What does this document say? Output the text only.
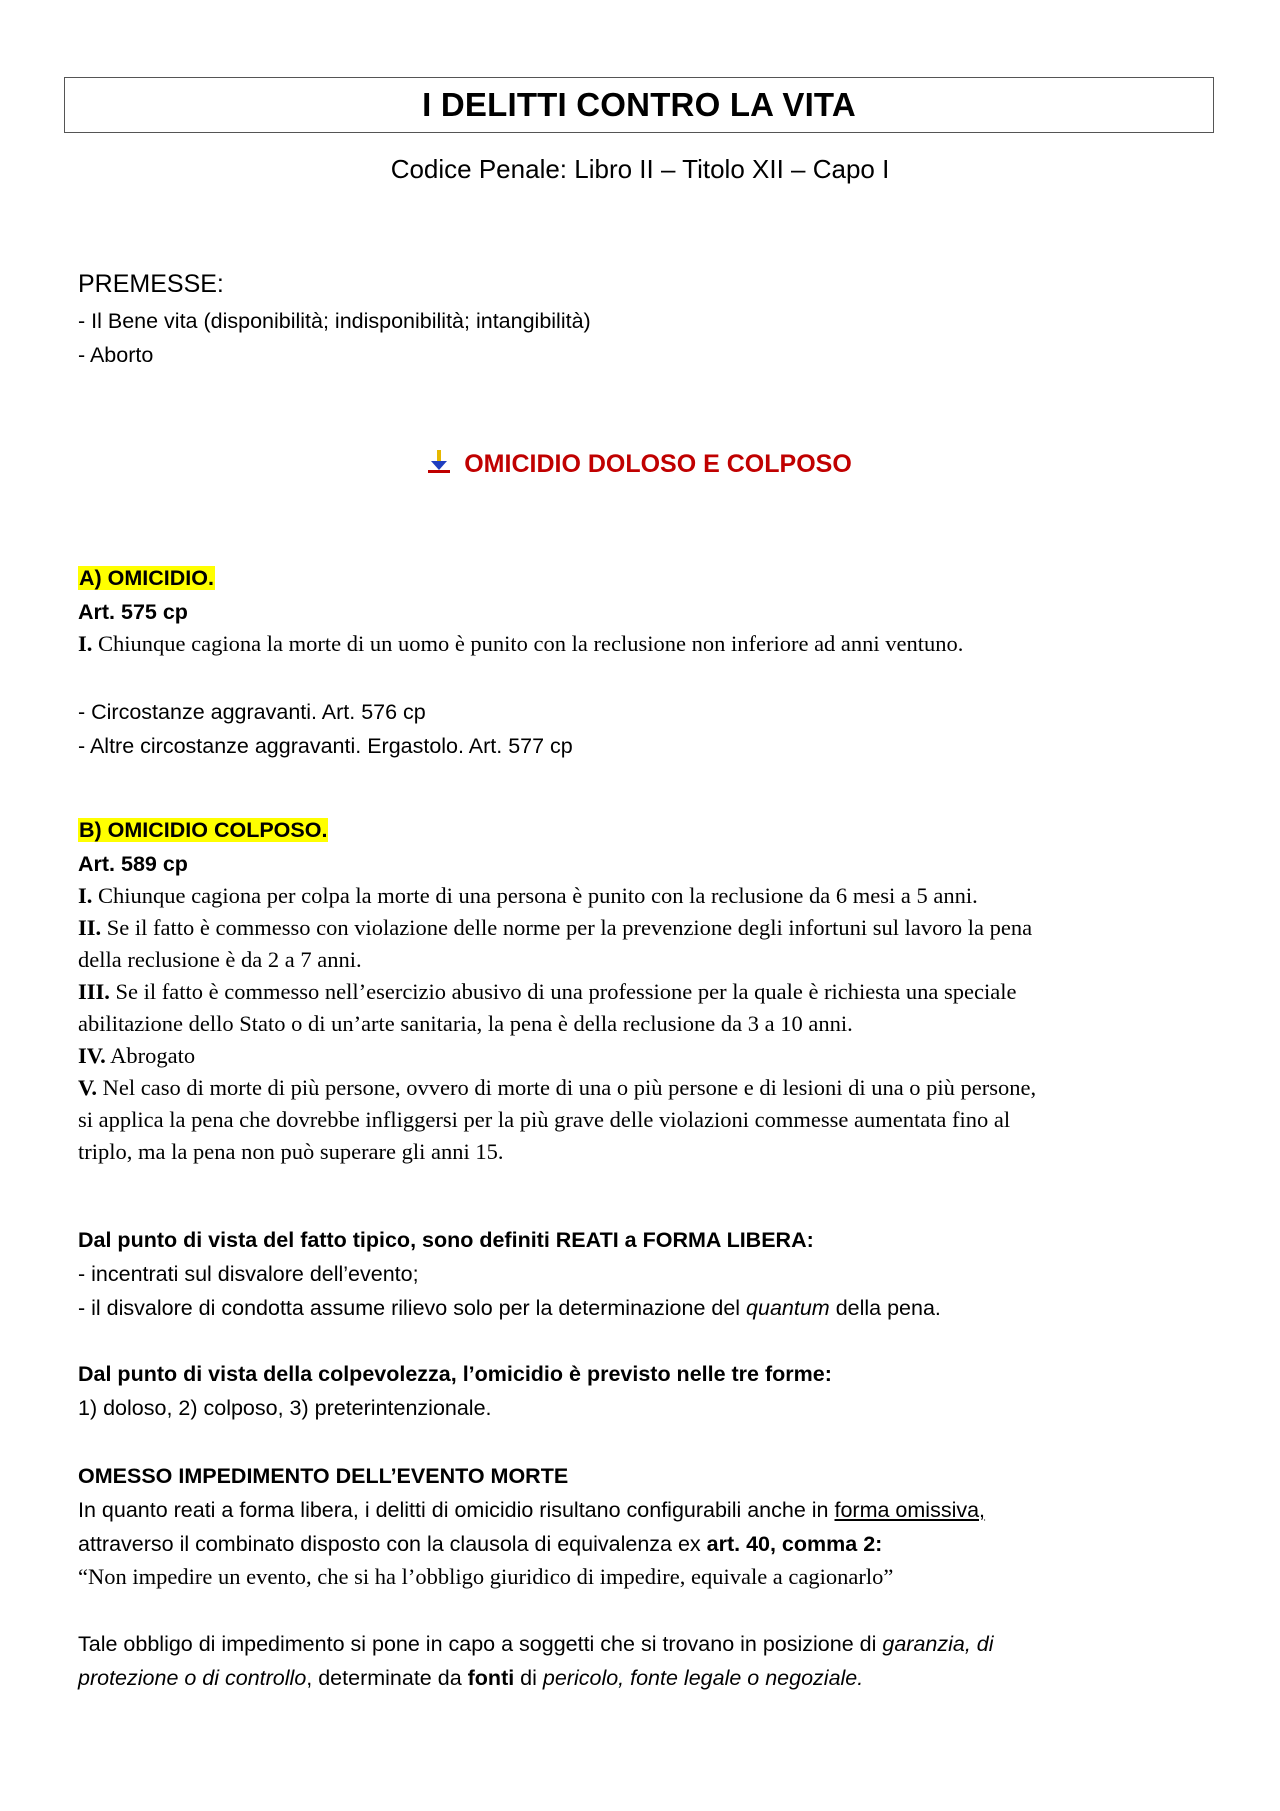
I DELITTI CONTRO LA VITA
Codice Penale: Libro II – Titolo XII – Capo I
PREMESSE:
- Il Bene vita (disponibilità; indisponibilità; intangibilità)
- Aborto
OMICIDIO DOLOSO E COLPOSO
A) OMICIDIO.
Art. 575 cp
I. Chiunque cagiona la morte di un uomo è punito con la reclusione non inferiore ad anni ventuno.
- Circostanze aggravanti. Art. 576 cp
- Altre circostanze aggravanti. Ergastolo. Art. 577 cp
B) OMICIDIO COLPOSO.
Art. 589 cp
I. Chiunque cagiona per colpa la morte di una persona è punito con la reclusione da 6 mesi a 5 anni.
II. Se il fatto è commesso con violazione delle norme per la prevenzione degli infortuni sul lavoro la pena
della reclusione è da 2 a 7 anni.
III. Se il fatto è commesso nell’esercizio abusivo di una professione per la quale è richiesta una speciale
abilitazione dello Stato o di un’arte sanitaria, la pena è della reclusione da 3 a 10 anni.
IV. Abrogato
V. Nel caso di morte di più persone, ovvero di morte di una o più persone e di lesioni di una o più persone,
si applica la pena che dovrebbe infliggersi per la più grave delle violazioni commesse aumentata fino al
triplo, ma la pena non può superare gli anni 15.
Dal punto di vista del fatto tipico, sono definiti REATI a FORMA LIBERA:
- incentrati sul disvalore dell’evento;
- il disvalore di condotta assume rilievo solo per la determinazione del quantum della pena.
Dal punto di vista della colpevolezza, l’omicidio è previsto nelle tre forme:
1) doloso, 2) colposo, 3) preterintenzionale.
OMESSO IMPEDIMENTO DELL’EVENTO MORTE
In quanto reati a forma libera, i delitti di omicidio risultano configurabili anche in forma omissiva,
attraverso il combinato disposto con la clausola di equivalenza ex art. 40, comma 2:
“Non impedire un evento, che si ha l’obbligo giuridico di impedire, equivale a cagionarlo”
Tale obbligo di impedimento si pone in capo a soggetti che si trovano in posizione di garanzia, di
protezione o di controllo, determinate da fonti di pericolo, fonte legale o negoziale.
